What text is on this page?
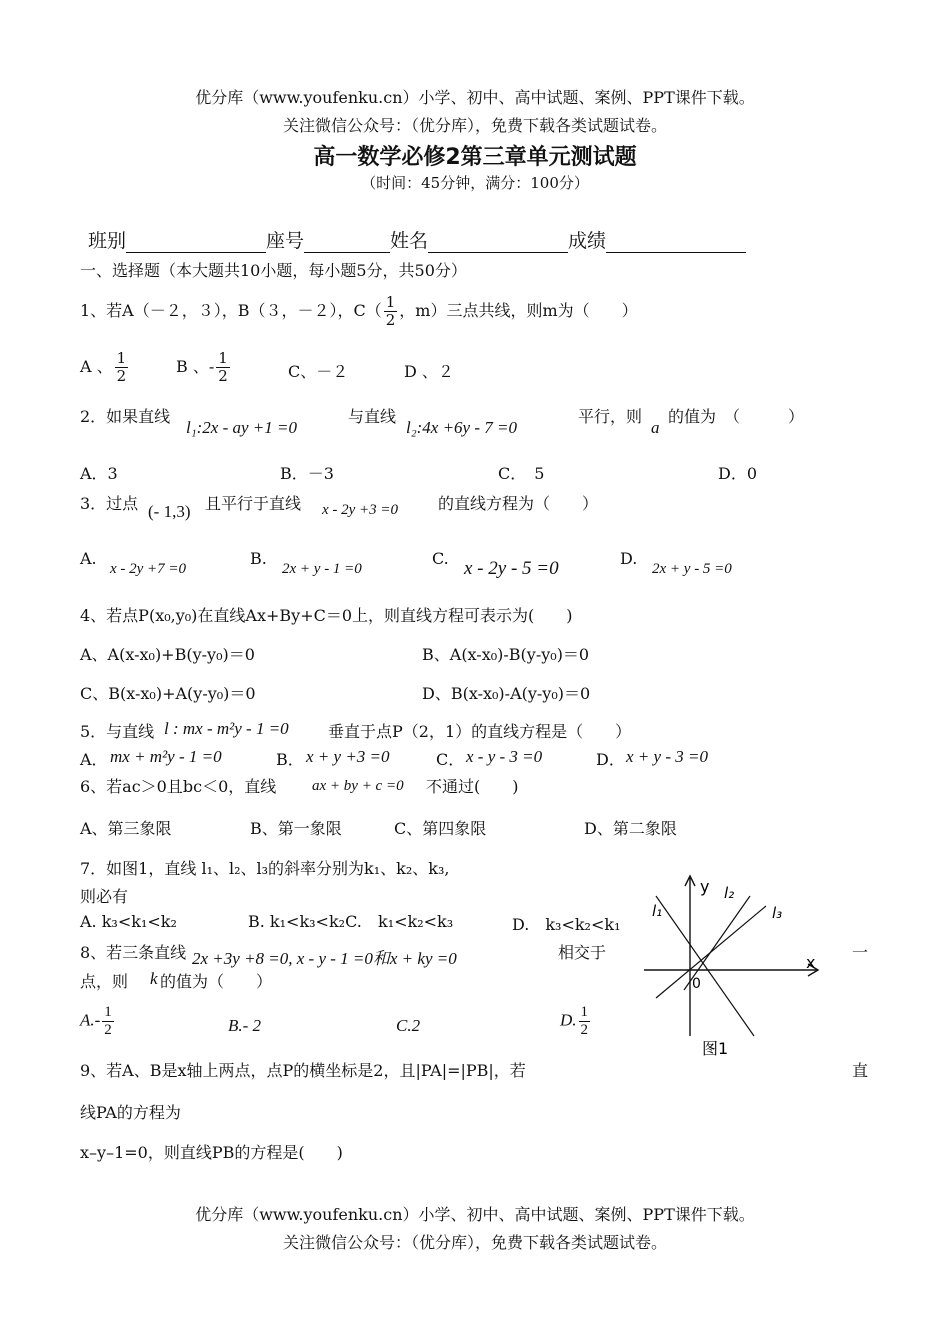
优分库（www.youfenku.cn）小学、初中、高中试题、案例、PPT课件下载。
关注微信公众号：（优分库），免费下载各类试题试卷。
高一数学必修2第三章单元测试题
（时间：45分钟，满分：100分）
班别	座号	姓名	成绩
一、选择题（本大题共10小题，每小题5分，共50分）
1、若A（－２，３），B（３，－２），$C( \frac{1}{2}$ ，m）三点共线，则m为（　　）
A 、 $\frac{1}{2}$	B 、- $\frac{1}{2}$	C、－２	D 、２
2．如果直线
l₁:2x - ay +1 =0
与直线
l₂:4x +6y - 7 =0
平行，则
a
的值为　（　　　）
A．3	B．－3	C．　5	D．0
3．过点 (- 1,3) 且平行于直线 x - 2y +3 =0 的直线方程为（　　）
A.
x - 2y +7 =0
B.
2x + y - 1 =0
C. x - 2y - 5 =0	D.
2x + y - 5 =0
4、若点P(x₀,y₀)在直线Ax+By+C＝0上，则直线方程可表示为(　　)
A、A(x-x₀)+B(y-y₀)＝0	B、A(x-x₀)-B(y-y₀)＝0
C、B(x-x₀)+A(y-y₀)＝0	D、B(x-x₀)-A(y-y₀)＝0
5．与直线 l : mx - m²y - 1 =0 垂直于点P（2，1）的直线方程是（　　）
A． mx + m²y - 1 =0	B． x + y +3 =0	C． x - y - 3 =0	D． x + y - 3 =0
6、若ac＞0且bc＜0，直线 ax + by + c =0 不通过(　　)
A、第三象限	B、第一象限	C、第四象限	D、第二象限
7．如图1，直线 l₁、l₂、l₃的斜率分别为k₁、k₂、k₃,
则必有
A. k₃<k₁<k₂	B. k₁<k₃<k₂C. k₁<k₂<k₃	D.　k₃<k₂<k₁
8、若三条直线 2x +3y +8 =0, x - y - 1 =0和x + ky =0	相交于	一
点，则 k 的值为（　　）
$A.- \frac{1}{2}$	B.- 2	C.2	D. $\frac{1}{2}$
9、若A、B是x轴上两点，点P的横坐标是2，且|PA|=|PB|，若	直
线PA的方程为
x–y–1=0，则直线PB的方程是(　　)
y
x
0
l₁
l₂
l₃
图1
优分库（www.youfenku.cn）小学、初中、高中试题、案例、PPT课件下载。
关注微信公众号：（优分库），免费下载各类试题试卷。
